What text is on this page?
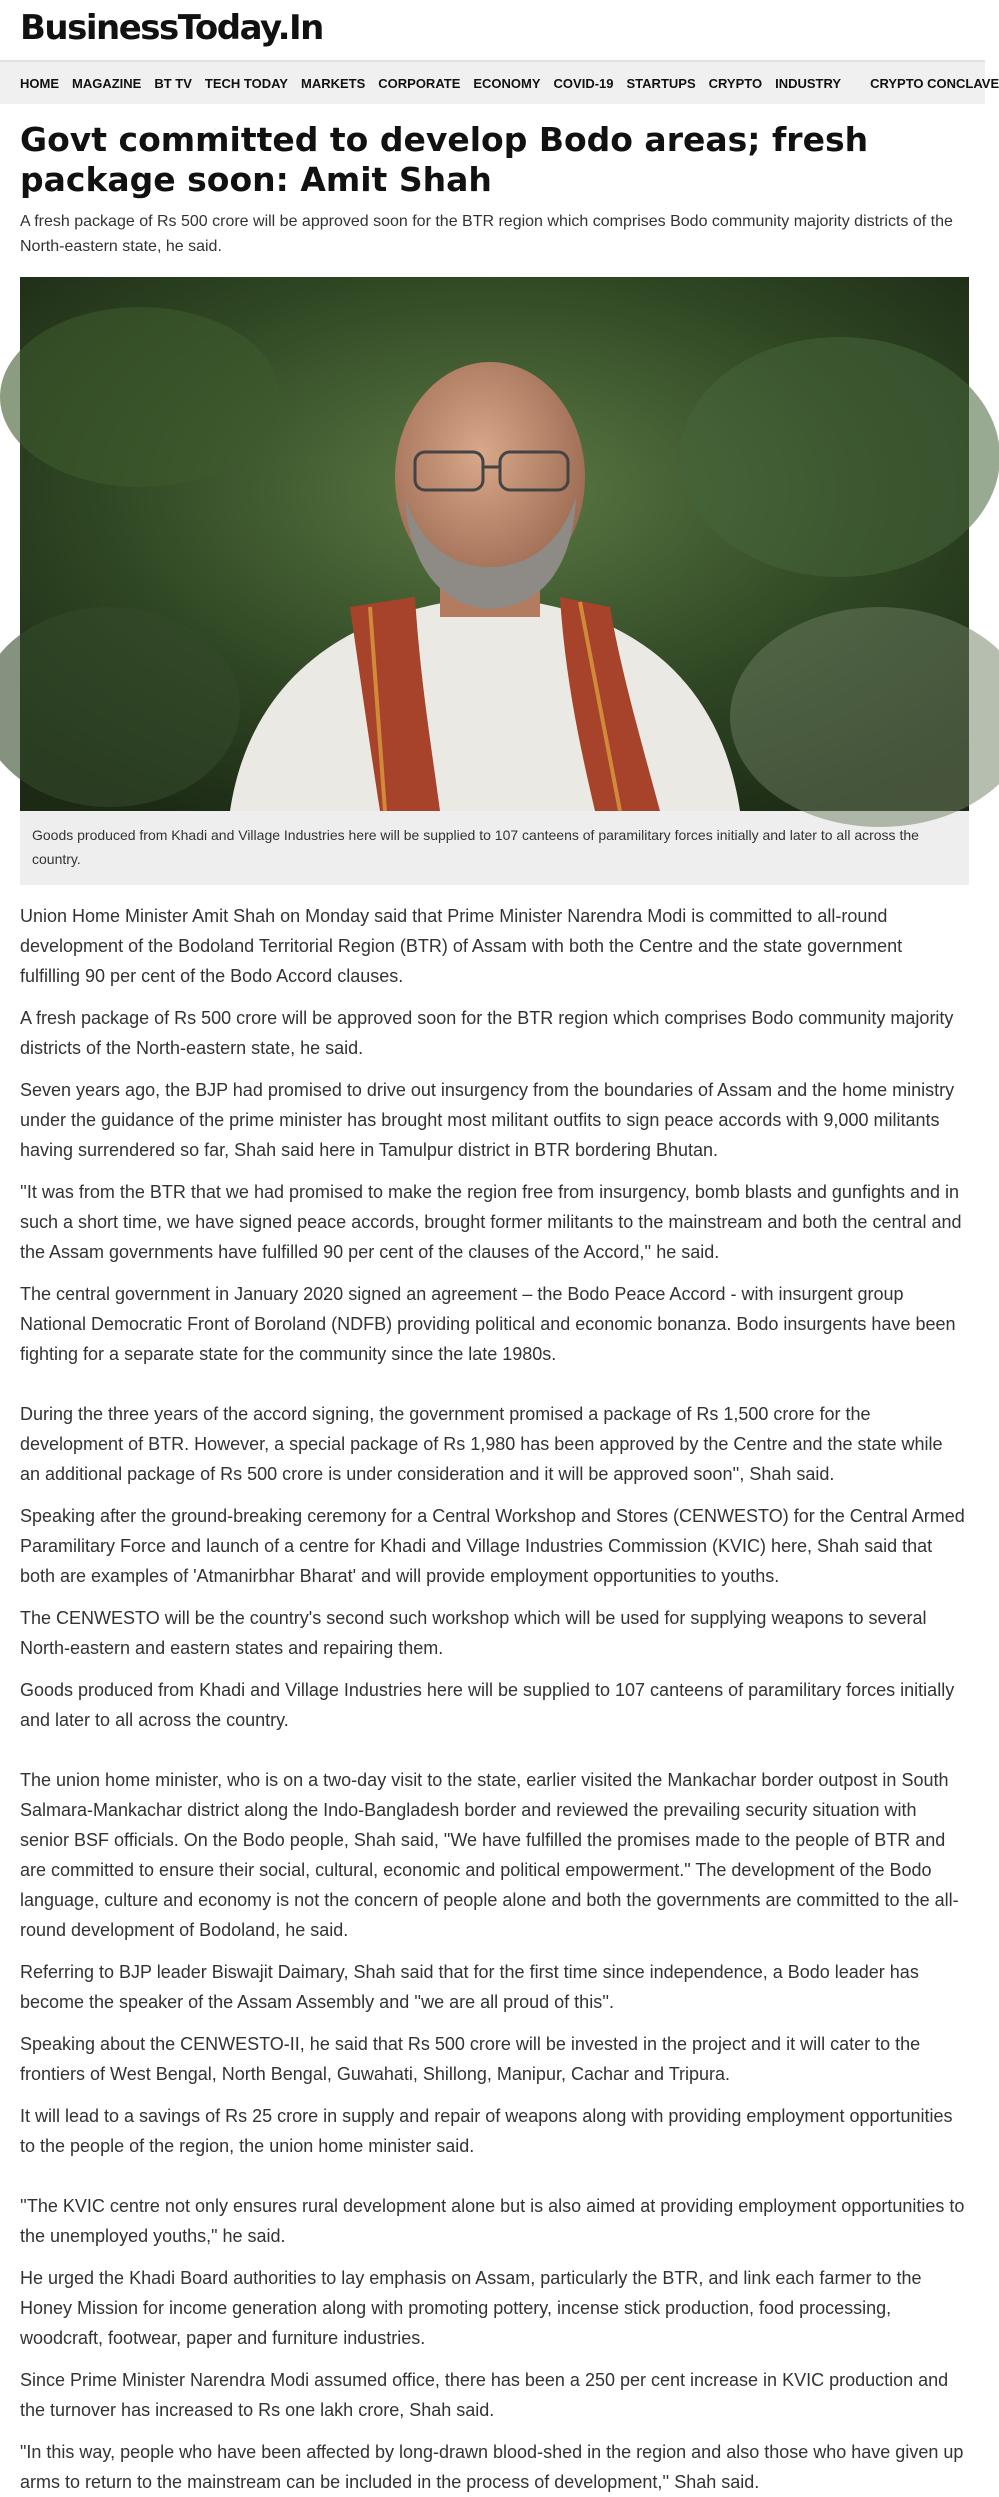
BusinessToday.In
HOME MAGAZINE BT TV TECH TODAY MARKETS CORPORATE ECONOMY COVID-19 STARTUPS CRYPTO INDUSTRY CRYPTO CONCLAVE
Govt committed to develop Bodo areas; fresh package soon: Amit Shah
A fresh package of Rs 500 crore will be approved soon for the BTR region which comprises Bodo community majority districts of the North-eastern state, he said.
Goods produced from Khadi and Village Industries here will be supplied to 107 canteens of paramilitary forces initially and later to all across the country.

Union Home Minister Amit Shah on Monday said that Prime Minister Narendra Modi is committed to all-round development of the Bodoland Territorial Region (BTR) of Assam with both the Centre and the state government fulfilling 90 per cent of the Bodo Accord clauses.

A fresh package of Rs 500 crore will be approved soon for the BTR region which comprises Bodo community majority districts of the North-eastern state, he said.

Seven years ago, the BJP had promised to drive out insurgency from the boundaries of Assam and the home ministry under the guidance of the prime minister has brought most militant outfits to sign peace accords with 9,000 militants having surrendered so far, Shah said here in Tamulpur district in BTR bordering Bhutan.

''It was from the BTR that we had promised to make the region free from insurgency, bomb blasts and gunfights and in such a short time, we have signed peace accords, brought former militants to the mainstream and both the central and the Assam governments have fulfilled 90 per cent of the clauses of the Accord,'' he said.

The central government in January 2020 signed an agreement – the Bodo Peace Accord - with insurgent group National Democratic Front of Boroland (NDFB) providing political and economic bonanza. Bodo insurgents have been fighting for a separate state for the community since the late 1980s.

During the three years of the accord signing, the government promised a package of Rs 1,500 crore for the development of BTR. However, a special package of Rs 1,980 has been approved by the Centre and the state while an additional package of Rs 500 crore is under consideration and it will be approved soon'', Shah said.

Speaking after the ground-breaking ceremony for a Central Workshop and Stores (CENWESTO) for the Central Armed Paramilitary Force and launch of a centre for Khadi and Village Industries Commission (KVIC) here, Shah said that both are examples of 'Atmanirbhar Bharat' and will provide employment opportunities to youths.

The CENWESTO will be the country's second such workshop which will be used for supplying weapons to several North-eastern and eastern states and repairing them.

Goods produced from Khadi and Village Industries here will be supplied to 107 canteens of paramilitary forces initially and later to all across the country.

The union home minister, who is on a two-day visit to the state, earlier visited the Mankachar border outpost in South Salmara-Mankachar district along the Indo-Bangladesh border and reviewed the prevailing security situation with senior BSF officials. On the Bodo people, Shah said, "We have fulfilled the promises made to the people of BTR and are committed to ensure their social, cultural, economic and political empowerment." The development of the Bodo language, culture and economy is not the concern of people alone and both the governments are committed to the all-round development of Bodoland, he said.

Referring to BJP leader Biswajit Daimary, Shah said that for the first time since independence, a Bodo leader has become the speaker of the Assam Assembly and ''we are all proud of this''.

Speaking about the CENWESTO-II, he said that Rs 500 crore will be invested in the project and it will cater to the frontiers of West Bengal, North Bengal, Guwahati, Shillong, Manipur, Cachar and Tripura.

It will lead to a savings of Rs 25 crore in supply and repair of weapons along with providing employment opportunities to the people of the region, the union home minister said.

''The KVIC centre not only ensures rural development alone but is also aimed at providing employment opportunities to the unemployed youths," he said.

He urged the Khadi Board authorities to lay emphasis on Assam, particularly the BTR, and link each farmer to the Honey Mission for income generation along with promoting pottery, incense stick production, food processing, woodcraft, footwear, paper and furniture industries.

Since Prime Minister Narendra Modi assumed office, there has been a 250 per cent increase in KVIC production and the turnover has increased to Rs one lakh crore, Shah said.

"In this way, people who have been affected by long-drawn blood-shed in the region and also those who have given up arms to return to the mainstream can be included in the process of development,'' Shah said.
